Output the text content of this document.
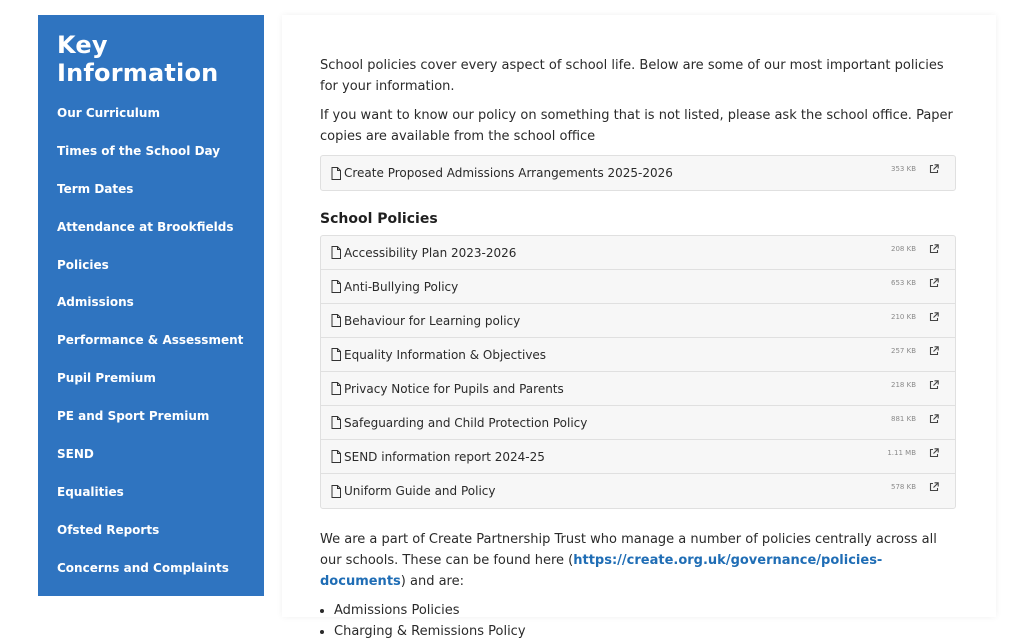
Key Information
Our Curriculum
Times of the School Day
Term Dates
Attendance at Brookfields
Policies
Admissions
Performance & Assessment
Pupil Premium
PE and Sport Premium
SEND
Equalities
Ofsted Reports
Concerns and Complaints

School policies cover every aspect of school life. Below are some of our most important policies for your information.

If you want to know our policy on something that is not listed, please ask the school office. Paper copies are available from the school office

Create Proposed Admissions Arrangements 2025-2026	353 KB
School Policies
Accessibility Plan 2023-2026	208 KB
Anti-Bullying Policy	653 KB
Behaviour for Learning policy	210 KB
Equality Information & Objectives	257 KB
Privacy Notice for Pupils and Parents	218 KB
Safeguarding and Child Protection Policy	881 KB
SEND information report 2024-25	1.11 MB
Uniform Guide and Policy	578 KB

We are a part of Create Partnership Trust who manage a number of policies centrally across all our schools. These can be found here (https://create.org.uk/governance/policies-documents) and are:

• Admissions Policies
• Charging & Remissions Policy
